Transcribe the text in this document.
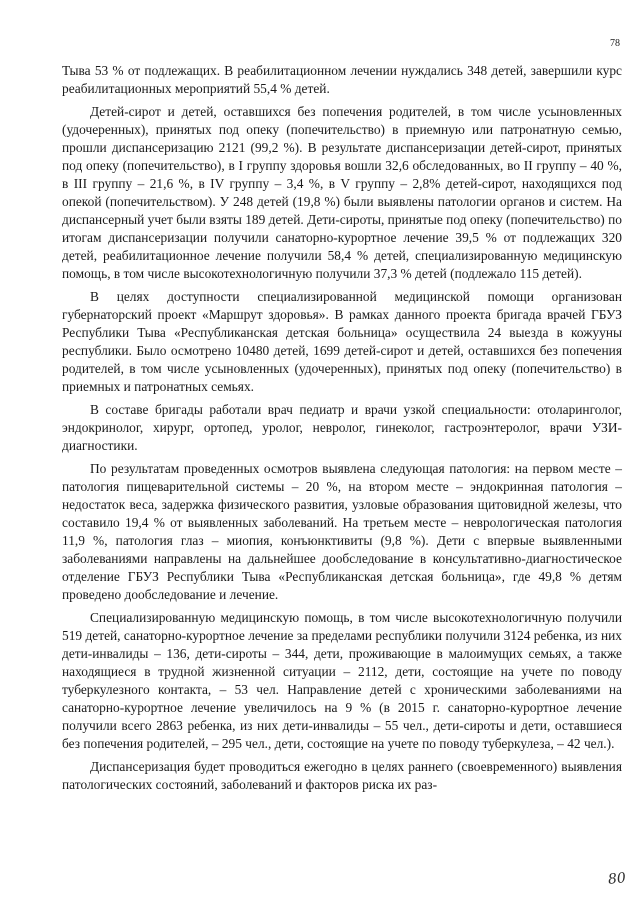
78

Тыва 53 % от подлежащих. В реабилитационном лечении нуждались 348 детей, завершили курс реабилитационных мероприятий 55,4 % детей.

Детей-сирот и детей, оставшихся без попечения родителей, в том числе усыновленных (удочеренных), принятых под опеку (попечительство) в приемную или патронатную семью, прошли диспансеризацию 2121 (99,2 %). В результате диспансеризации детей-сирот, принятых под опеку (попечительство), в I группу здоровья вошли 32,6 обследованных, во II группу – 40 %, в III группу – 21,6 %, в IV группу – 3,4 %, в V группу – 2,8% детей-сирот, находящихся под опекой (попечительством). У 248 детей (19,8 %) были выявлены патологии органов и систем. На диспансерный учет были взяты 189 детей. Дети-сироты, принятые под опеку (попечительство) по итогам диспансеризации получили санаторно-курортное лечение 39,5 % от подлежащих 320 детей, реабилитационное лечение получили 58,4 % детей, специализированную медицинскую помощь, в том числе высокотехнологичную получили 37,3 % детей (подлежало 115 детей).

В целях доступности специализированной медицинской помощи организован губернаторский проект «Маршрут здоровья». В рамках данного проекта бригада врачей ГБУЗ Республики Тыва «Республиканская детская больница» осуществила 24 выезда в кожууны республики. Было осмотрено 10480 детей, 1699 детей-сирот и детей, оставшихся без попечения родителей, в том числе усыновленных (удочеренных), принятых под опеку (попечительство) в приемных и патронатных семьях.

В составе бригады работали врач педиатр и врачи узкой специальности: отоларинголог, эндокринолог, хирург, ортопед, уролог, невролог, гинеколог, гастроэнтеролог, врачи УЗИ-диагностики.

По результатам проведенных осмотров выявлена следующая патология: на первом месте – патология пищеварительной системы – 20 %, на втором месте – эндокринная патология – недостаток веса, задержка физического развития, узловые образования щитовидной железы, что составило 19,4 % от выявленных заболеваний. На третьем месте – неврологическая патология 11,9 %, патология глаз – миопия, конъюнктивиты (9,8 %). Дети с впервые выявленными заболеваниями направлены на дальнейшее дообследование в консультативно-диагностическое отделение ГБУЗ Республики Тыва «Республиканская детская больница», где 49,8 % детям проведено дообследование и лечение.

Специализированную медицинскую помощь, в том числе высокотехнологичную получили 519 детей, санаторно-курортное лечение за пределами республики получили 3124 ребенка, из них дети-инвалиды – 136, дети-сироты – 344, дети, проживающие в малоимущих семьях, а также находящиеся в трудной жизненной ситуации – 2112, дети, состоящие на учете по поводу туберкулезного контакта, – 53 чел. Направление детей с хроническими заболеваниями на санаторно-курортное лечение увеличилось на 9 % (в 2015 г. санаторно-курортное лечение получили всего 2863 ребенка, из них дети-инвалиды – 55 чел., дети-сироты и дети, оставшиеся без попечения родителей, – 295 чел., дети, состоящие на учете по поводу туберкулеза, – 42 чел.).

Диспансеризация будет проводиться ежегодно в целях раннего (своевременного) выявления патологических состояний, заболеваний и факторов риска их раз-

80
